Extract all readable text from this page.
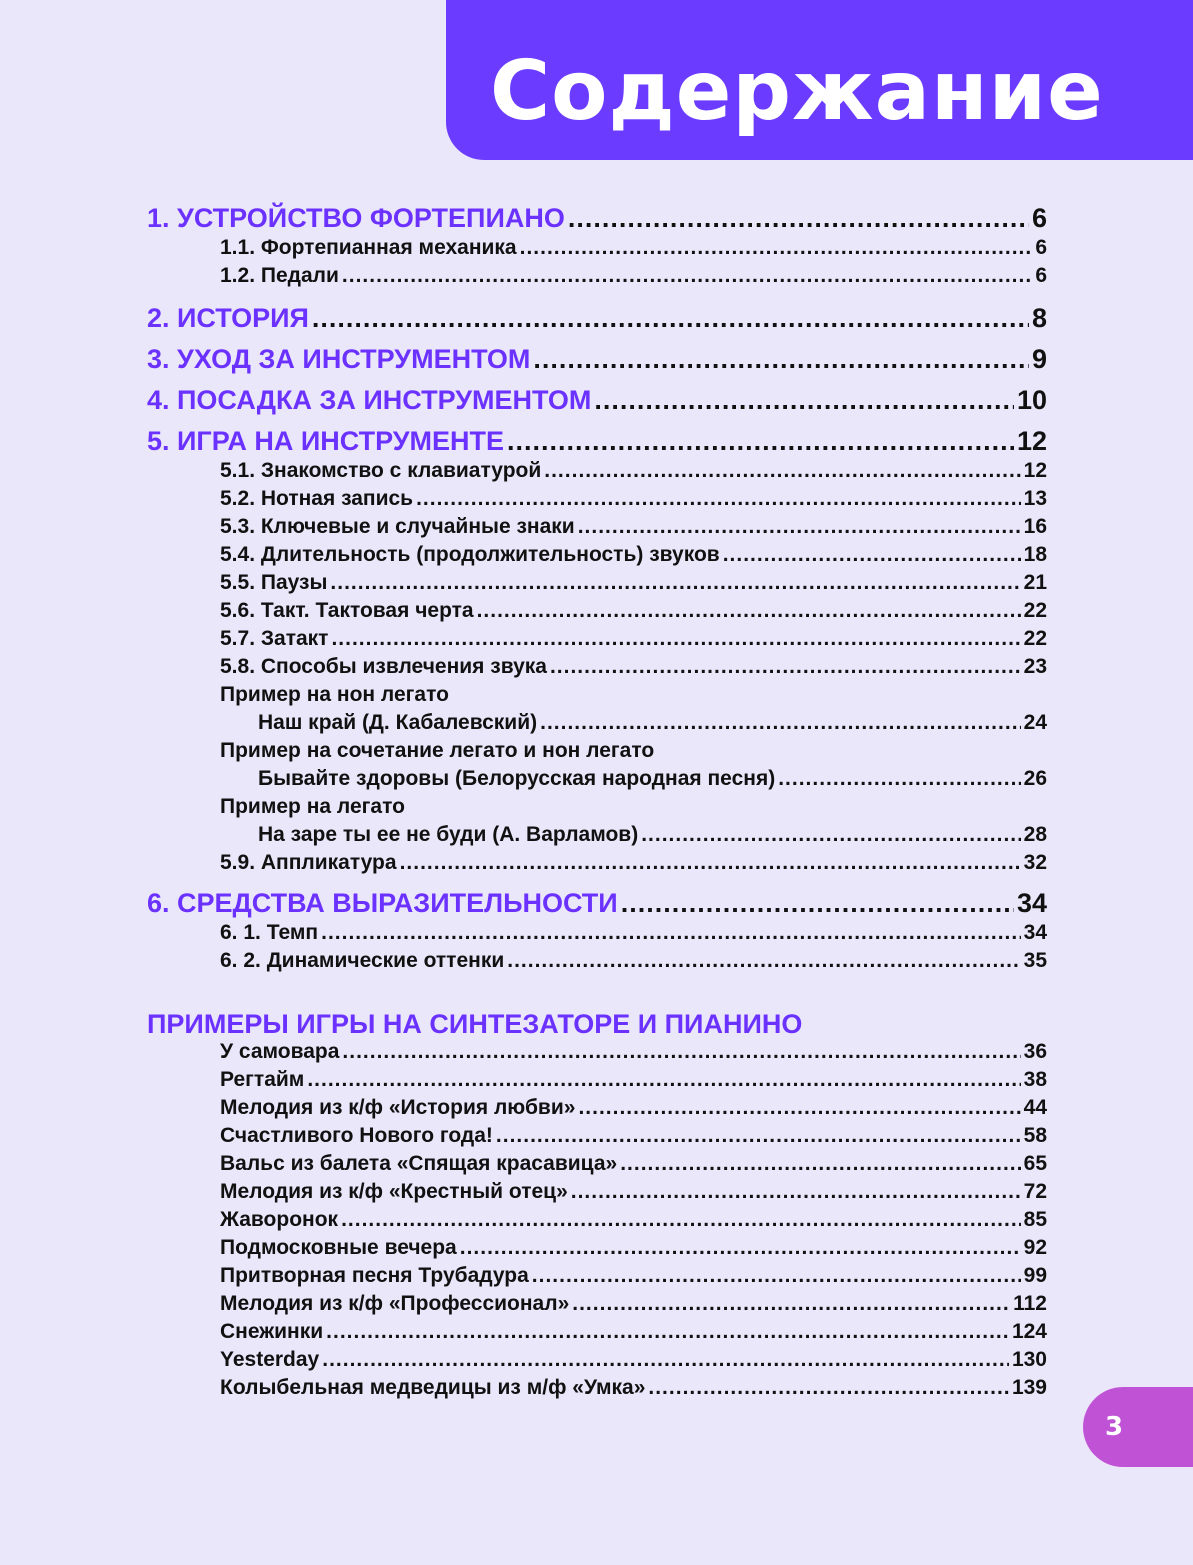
Содержание
1. УСТРОЙСТВО ФОРТЕПИАНО .....	6
1.1. Фортепианная механика .....	6
1.2. Педали .....	6
2. ИСТОРИЯ .....	8
3. УХОД ЗА ИНСТРУМЕНТОМ .....	9
4. ПОСАДКА ЗА ИНСТРУМЕНТОМ .....	10
5. ИГРА НА ИНСТРУМЕНТЕ .....	12
5.1. Знакомство с клавиатурой .....	12
5.2. Нотная запись .....	13
5.3. Ключевые и случайные знаки .....	16
5.4. Длительность (продолжительность) звуков .....	18
5.5. Паузы .....	21
5.6. Такт. Тактовая черта .....	22
5.7. Затакт .....	22
5.8. Способы извлечения звука .....	23
Пример на нон легато
Наш край (Д. Кабалевский) .....	24
Пример на сочетание легато и нон легато
Бывайте здоровы (Белорусская народная песня) .....	26
Пример на легато
На заре ты ее не буди (А. Варламов) .....	28
5.9. Аппликатура .....	32
6. СРЕДСТВА ВЫРАЗИТЕЛЬНОСТИ .....	34
6. 1. Темп .....	34
6. 2. Динамические оттенки .....	35
ПРИМЕРЫ ИГРЫ НА СИНТЕЗАТОРЕ И ПИАНИНО
У самовара .....	36
Регтайм .....	38
Мелодия из к/ф «История любви» .....	44
Счастливого Нового года! .....	58
Вальс из балета «Спящая красавица» .....	65
Мелодия из к/ф «Крестный отец» .....	72
Жаворонок .....	85
Подмосковные вечера .....	92
Притворная песня Трубадура .....	99
Мелодия из к/ф «Профессионал» .....	112
Снежинки .....	124
Yesterday .....	130
Колыбельная медведицы из м/ф «Умка» .....	139
3
